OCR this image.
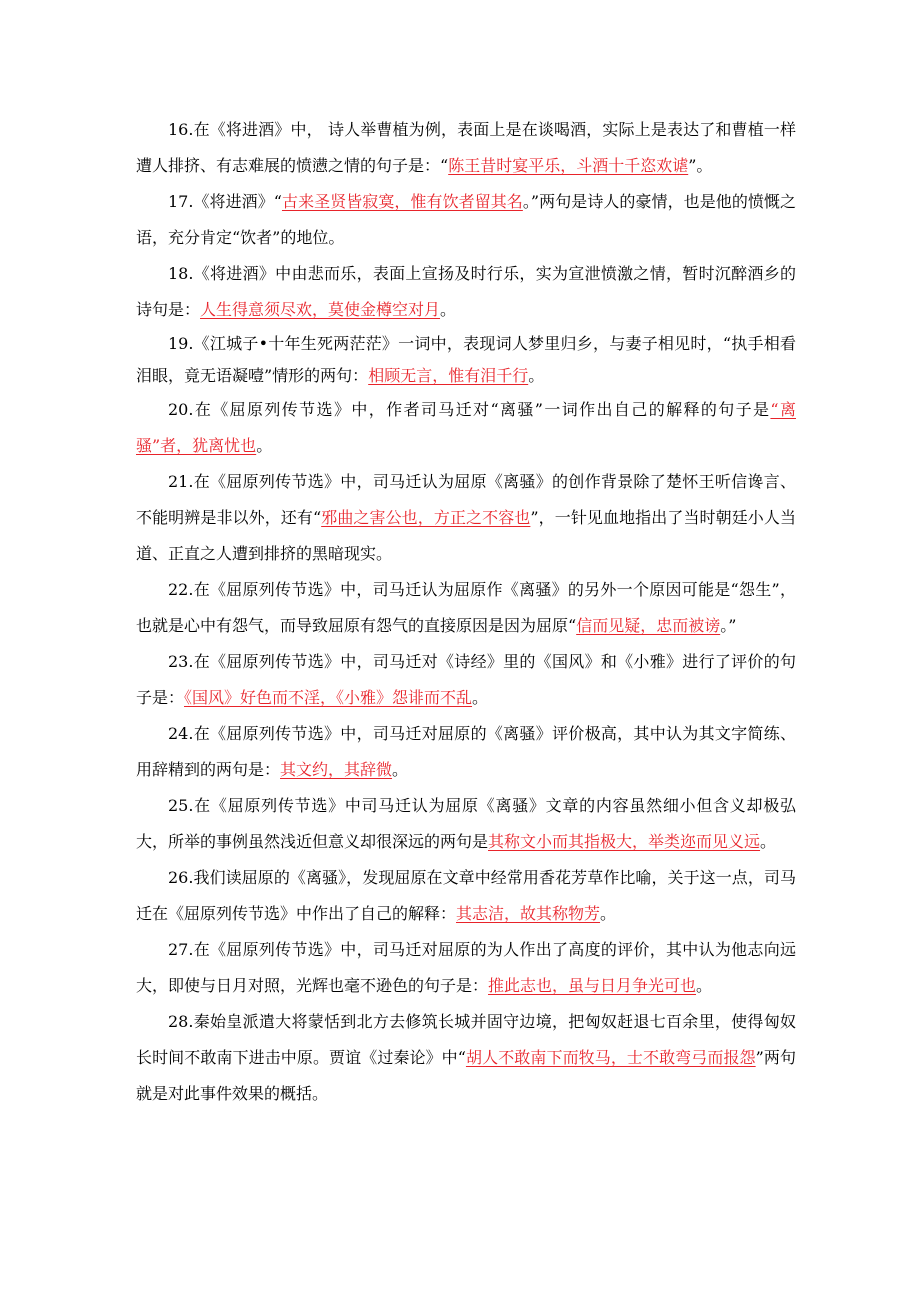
16.在《将进酒》中， 诗人举曹植为例，表面上是在谈喝酒，实际上是表达了和曹植一样遭人排挤、有志难展的愤懑之情的句子是：“陈王昔时宴平乐，斗酒十千恣欢谑”。

17.《将进酒》“古来圣贤皆寂寞，惟有饮者留其名。”两句是诗人的豪情，也是他的愤慨之语，充分肯定“饮者”的地位。

18.《将进酒》中由悲而乐，表面上宣扬及时行乐，实为宣泄愤激之情，暂时沉醉酒乡的诗句是：人生得意须尽欢，莫使金樽空对月。

19.《江城子•十年生死两茫茫》一词中，表现词人梦里归乡，与妻子相见时，“执手相看泪眼，竟无语凝噎”情形的两句：相顾无言，惟有泪千行。

20.在《屈原列传节选》中，作者司马迁对“离骚”一词作出自己的解释的句子是“离骚”者，犹离忧也。

21.在《屈原列传节选》中，司马迁认为屈原《离骚》的创作背景除了楚怀王听信谗言、不能明辨是非以外，还有“邪曲之害公也，方正之不容也”，一针见血地指出了当时朝廷小人当道、正直之人遭到排挤的黑暗现实。

22.在《屈原列传节选》中，司马迁认为屈原作《离骚》的另外一个原因可能是“怨生”，也就是心中有怨气，而导致屈原有怨气的直接原因是因为屈原“信而见疑，忠而被谤。”

23.在《屈原列传节选》中，司马迁对《诗经》里的《国风》和《小雅》进行了评价的句子是：《国风》好色而不淫，《小雅》怨诽而不乱。

24.在《屈原列传节选》中，司马迁对屈原的《离骚》评价极高，其中认为其文字简练、用辞精到的两句是：其文约，其辞微。

25.在《屈原列传节选》中司马迁认为屈原《离骚》文章的内容虽然细小但含义却极弘大，所举的事例虽然浅近但意义却很深远的两句是其称文小而其指极大，举类迩而见义远。

26.我们读屈原的《离骚》，发现屈原在文章中经常用香花芳草作比喻，关于这一点，司马迁在《屈原列传节选》中作出了自己的解释：其志洁，故其称物芳。

27.在《屈原列传节选》中，司马迁对屈原的为人作出了高度的评价，其中认为他志向远大，即使与日月对照，光辉也毫不逊色的句子是：推此志也，虽与日月争光可也。

28.秦始皇派遣大将蒙恬到北方去修筑长城并固守边境，把匈奴赶退七百余里，使得匈奴长时间不敢南下进击中原。贾谊《过秦论》中“胡人不敢南下而牧马，士不敢弯弓而报怨”两句就是对此事件效果的概括。
